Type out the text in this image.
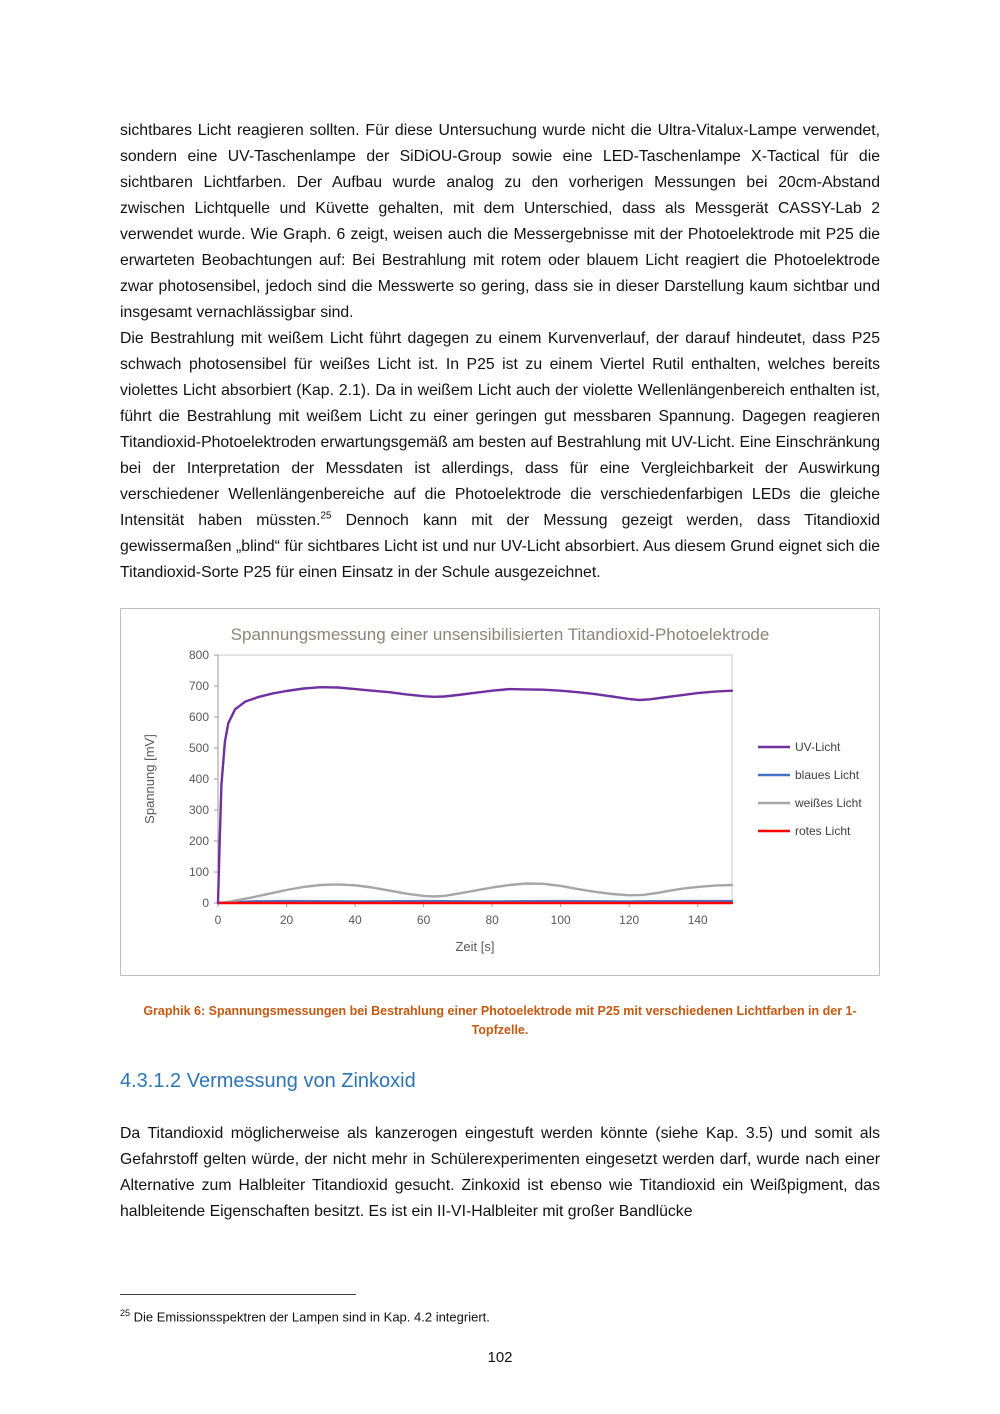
sichtbares Licht reagieren sollten. Für diese Untersuchung wurde nicht die Ultra-Vitalux-Lampe verwendet, sondern eine UV-Taschenlampe der SiDiOU-Group sowie eine LED-Taschenlampe X-Tactical für die sichtbaren Lichtfarben. Der Aufbau wurde analog zu den vorherigen Messungen bei 20cm-Abstand zwischen Lichtquelle und Küvette gehalten, mit dem Unterschied, dass als Messgerät CASSY-Lab 2 verwendet wurde. Wie Graph. 6 zeigt, weisen auch die Messergebnisse mit der Photoelektrode mit P25 die erwarteten Beobachtungen auf: Bei Bestrahlung mit rotem oder blauem Licht reagiert die Photoelektrode zwar photosensibel, jedoch sind die Messwerte so gering, dass sie in dieser Darstellung kaum sichtbar und insgesamt vernachlässigbar sind.

Die Bestrahlung mit weißem Licht führt dagegen zu einem Kurvenverlauf, der darauf hindeutet, dass P25 schwach photosensibel für weißes Licht ist. In P25 ist zu einem Viertel Rutil enthalten, welches bereits violettes Licht absorbiert (Kap. 2.1). Da in weißem Licht auch der violette Wellenlängenbereich enthalten ist, führt die Bestrahlung mit weißem Licht zu einer geringen gut messbaren Spannung. Dagegen reagieren Titandioxid-Photoelektroden erwartungsgemäß am besten auf Bestrahlung mit UV-Licht. Eine Einschränkung bei der Interpretation der Messdaten ist allerdings, dass für eine Vergleichbarkeit der Auswirkung verschiedener Wellenlängenbereiche auf die Photoelektrode die verschiedenfarbigen LEDs die gleiche Intensität haben müssten.$^{25}$ Dennoch kann mit der Messung gezeigt werden, dass Titandioxid gewissermaßen „blind“ für sichtbares Licht ist und nur UV-Licht absorbiert. Aus diesem Grund eignet sich die Titandioxid-Sorte P25 für einen Einsatz in der Schule ausgezeichnet.

Spannungsmessung einer unsensibilisierten Titandioxid-Photoelektrode
0
100
200
300
400
500
600
700
800
0	20	40	60	80	100	120	140
Spannung [mV]
Zeit [s]
UV-Licht
blaues Licht
weißes Licht
rotes Licht
Graphik 6: Spannungsmessungen bei Bestrahlung einer Photoelektrode mit P25 mit verschiedenen Lichtfarben in der 1-Topfzelle.
4.3.1.2 Vermessung von Zinkoxid

Da Titandioxid möglicherweise als kanzerogen eingestuft werden könnte (siehe Kap. 3.5) und somit als Gefahrstoff gelten würde, der nicht mehr in Schülerexperimenten eingesetzt werden darf, wurde nach einer Alternative zum Halbleiter Titandioxid gesucht. Zinkoxid ist ebenso wie Titandioxid ein Weißpigment, das halbleitende Eigenschaften besitzt. Es ist ein II-VI-Halbleiter mit großer Bandlücke

$^{25}$ Die Emissionsspektren der Lampen sind in Kap. 4.2 integriert.
102
